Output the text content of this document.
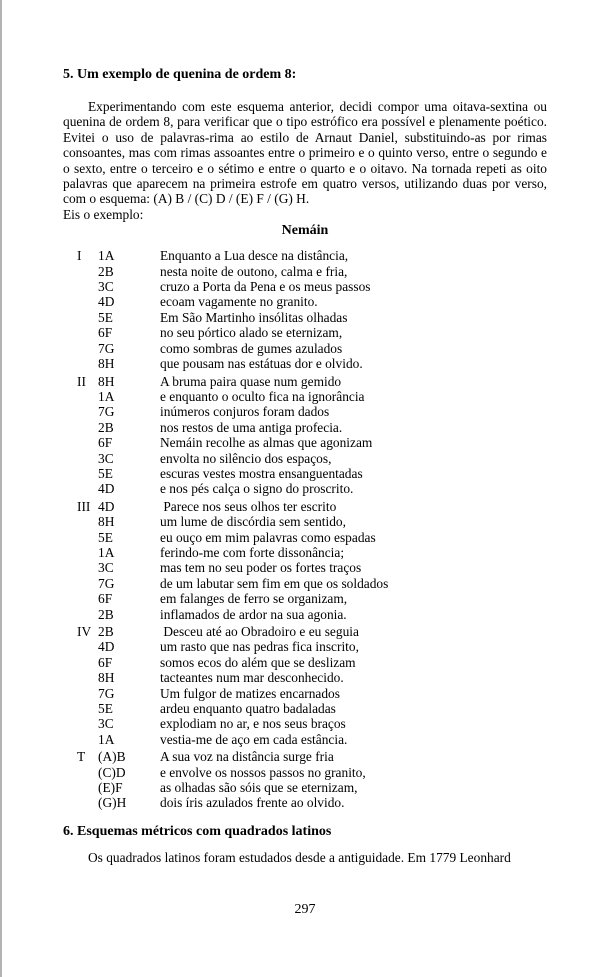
5. Um exemplo de quenina de ordem 8:

Experimentando com este esquema anterior, decidi compor uma oitava-sextina ou quenina de ordem 8, para verificar que o tipo estrófico era possível e plenamente poético. Evitei o uso de palavras-rima ao estilo de Arnaut Daniel, substituindo-as por rimas consoantes, mas com rimas assoantes entre o primeiro e o quinto verso, entre o segundo e o sexto, entre o terceiro e o sétimo e entre o quarto e o oitavo. Na tornada repeti as oito palavras que aparecem na primeira estrofe em quatro versos, utilizando duas por verso, com o esquema: (A) B / (C) D / (E) F / (G) H.

Eis o exemplo:

Nemáin
I	1A	Enquanto a Lua desce na distância,
2B	nesta noite de outono, calma e fria,
3C	cruzo a Porta da Pena e os meus passos
4D	ecoam vagamente no granito.
5E	Em São Martinho insólitas olhadas
6F	no seu pórtico alado se eternizam,
7G	como sombras de gumes azulados
8H	que pousam nas estátuas dor e olvido.
II 8H	A bruma paira quase num gemido
1A	e enquanto o oculto fica na ignorância
7G	inúmeros conjuros foram dados
2B	nos restos de uma antiga profecia.
6F	Nemáin recolhe as almas que agonizam
3C	envolta no silêncio dos espaços,
5E	escuras vestes mostra ensanguentadas
4D	e nos pés calça o signo do proscrito.
III 4D	Parece nos seus olhos ter escrito
8H	um lume de discórdia sem sentido,
5E	eu ouço em mim palavras como espadas
1A	ferindo-me com forte dissonância;
3C	mas tem no seu poder os fortes traços
7G	de um labutar sem fim em que os soldados
6F	em falanges de ferro se organizam,
2B	inflamados de ardor na sua agonia.
IV 2B	Desceu até ao Obradoiro e eu seguia
4D	um rasto que nas pedras fica inscrito,
6F	somos ecos do além que se deslizam
8H	tacteantes num mar desconhecido.
7G	Um fulgor de matizes encarnados
5E	ardeu enquanto quatro badaladas
3C	explodiam no ar, e nos seus braços
1A	vestia-me de aço em cada estância.
T (A)B	A sua voz na distância surge fria
(C)D	e envolve os nossos passos no granito,
(E)F	as olhadas são sóis que se eternizam,
(G)H	dois íris azulados frente ao olvido.
6. Esquemas métricos com quadrados latinos

Os quadrados latinos foram estudados desde a antiguidade. Em 1779 Leonhard

297
